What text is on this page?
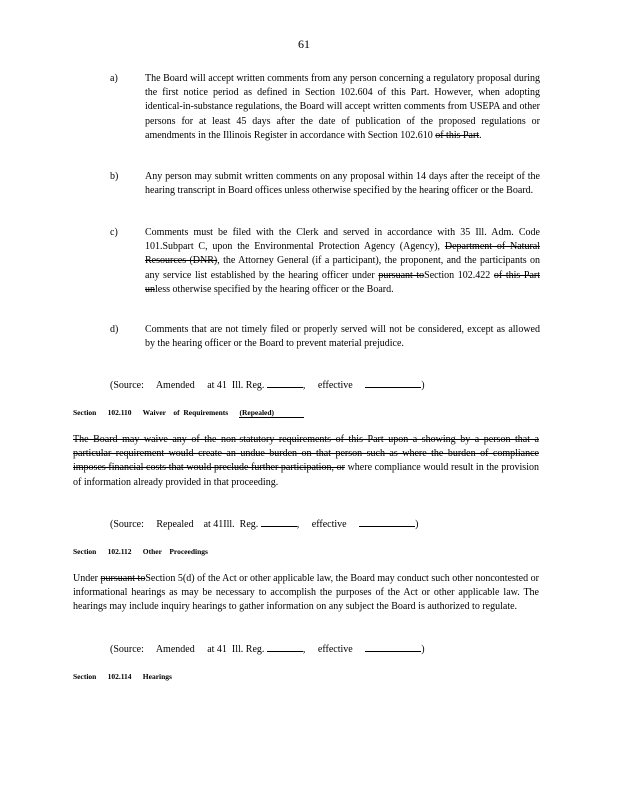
61
a)	The Board will accept written comments from any person concerning a regulatory proposal during the first notice period as defined in Section 102.604 of this Part. However, when adopting identical-in-substance regulations, the Board will accept written comments from USEPA and other persons for at least 45 days after the date of publication of the proposed regulations or amendments in the Illinois Register in accordance with Section 102.610 of this Part.
b)	Any person may submit written comments on any proposal within 14 days after the receipt of the hearing transcript in Board offices unless otherwise specified by the hearing officer or the Board.
c)	Comments must be filed with the Clerk and served in accordance with 35 Ill. Adm. Code 101.Subpart C, upon the Environmental Protection Agency (Agency), Department of Natural Resources (DNR), the Attorney General (if a participant), the proponent, and the participants on any service list established by the hearing officer under pursuant toSection 102.422 of this Part unless otherwise specified by the hearing officer or the Board.
d)	Comments that are not timely filed or properly served will not be considered, except as allowed by the hearing officer or the Board to prevent material prejudice.
(Source:     Amended     at 41  Ill. Reg.	,     effective	)
Section      102.110 Waiver    of  Requirements (Repealed)
The Board may waive any of the non-statutory requirements of this Part upon a showing by a person that a particular requirement would create an undue burden on that person such as where the burden of compliance imposes financial costs that would preclude further participation, or where compliance would result in the provision of information already provided in that proceeding.
(Source:     Repealed    at 41Ill.  Reg.	,     effective	)
Section      102.112 Other    Proceedings
Under pursuant toSection 5(d) of the Act or other applicable law, the Board may conduct such other noncontested or informational hearings as may be necessary to accomplish the purposes of the Act or other applicable law. The hearings may include inquiry hearings to gather information on any subject the Board is authorized to regulate.
(Source:     Amended     at 41  Ill. Reg.	,     effective	)
Section      102.114 Hearings
